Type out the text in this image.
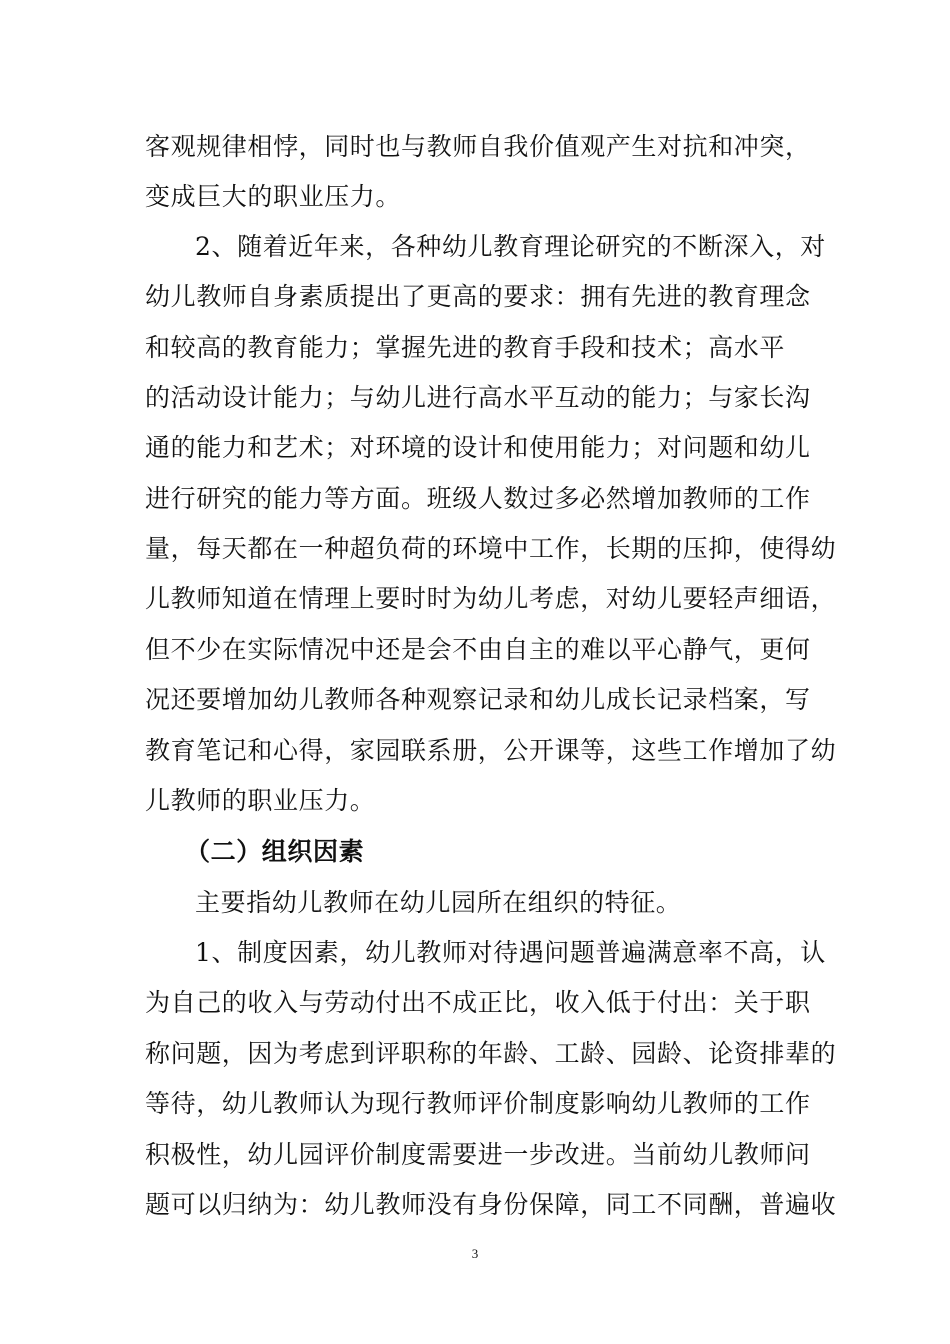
客观规律相悖，同时也与教师自我价值观产生对抗和冲突，

变成巨大的职业压力。

2、随着近年来，各种幼儿教育理论研究的不断深入，对

幼儿教师自身素质提出了更高的要求：拥有先进的教育理念

和较高的教育能力；掌握先进的教育手段和技术；高水平

的活动设计能力；与幼儿进行高水平互动的能力；与家长沟

通的能力和艺术；对环境的设计和使用能力；对问题和幼儿

进行研究的能力等方面。班级人数过多必然增加教师的工作

量，每天都在一种超负荷的环境中工作，长期的压抑，使得幼

儿教师知道在情理上要时时为幼儿考虑，对幼儿要轻声细语，

但不少在实际情况中还是会不由自主的难以平心静气，更何

况还要增加幼儿教师各种观察记录和幼儿成长记录档案，写

教育笔记和心得，家园联系册，公开课等，这些工作增加了幼

儿教师的职业压力。

（二）组织因素

主要指幼儿教师在幼儿园所在组织的特征。

1、制度因素，幼儿教师对待遇问题普遍满意率不高，认

为自己的收入与劳动付出不成正比，收入低于付出：关于职

称问题，因为考虑到评职称的年龄、工龄、园龄、论资排辈的

等待，幼儿教师认为现行教师评价制度影响幼儿教师的工作

积极性，幼儿园评价制度需要进一步改进。当前幼儿教师问

题可以归纳为：幼儿教师没有身份保障，同工不同酬，普遍收

3
